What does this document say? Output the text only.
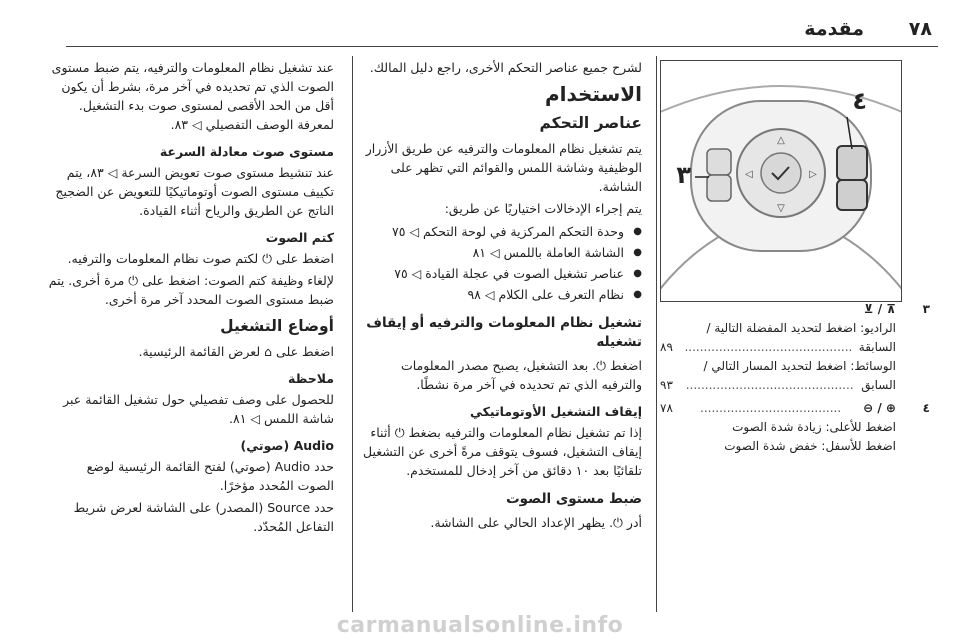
٧٨
مقدمة
△
▽
◁	▷
٤
٣
٣
⊼ / ⊻
الراديو: اضغط لتحديد المفضلة التالية /
السابقة
............................................
٨٩
الوسائط: اضغط لتحديد المسار التالي /
السابق
............................................
٩٣
٤
⊕ / ⊖
.....................................
٧٨
اضغط للأعلى: زيادة شدة الصوت
اضغط للأسفل: خفض شدة الصوت

لشرح جميع عناصر التحكم الأخرى، راجع دليل المالك.

الاستخدام
عناصر التحكم

يتم تشغيل نظام المعلومات والترفيه عن طريق الأزرار الوظيفية وشاشة اللمس والقوائم التي تظهر على الشاشة.

يتم إجراء الإدخالات اختياريًا عن طريق:

● وحدة التحكم المركزية في لوحة التحكم ◁ ٧٥
● الشاشة العاملة باللمس ◁ ٨١
● عناصر تشغيل الصوت في عجلة القيادة ◁ ٧٥
● نظام التعرف على الكلام ◁ ٩٨
تشغيل نظام المعلومات والترفيه أو إيقاف تشغيله

اضغط ⏻. بعد التشغيل، يصبح مصدر المعلومات والترفيه الذي تم تحديده في آخر مرة نشطًا.

إيقاف التشغيل الأوتوماتيكي

إذا تم تشغيل نظام المعلومات والترفيه بضغط ⏻ أثناء إيقاف التشغيل، فسوف يتوقف مرةً أخرى عن التشغيل تلقائيًا بعد ١٠ دقائق من آخر إدخال للمستخدم.

ضبط مستوى الصوت

أدر ⏻. يظهر الإعداد الحالي على الشاشة.

عند تشغيل نظام المعلومات والترفيه، يتم ضبط مستوى الصوت الذي تم تحديده في آخر مرة، بشرط أن يكون أقل من الحد الأقصى لمستوى صوت بدء التشغيل. لمعرفة الوصف التفصيلي ◁ ٨٣.

مستوى صوت معادلة السرعة

عند تنشيط مستوى صوت تعويض السرعة ◁ ٨٣، يتم تكييف مستوى الصوت أوتوماتيكيًا للتعويض عن الضجيج الناتج عن الطريق والرياح أثناء القيادة.

كتم الصوت

اضغط على ⏻ لكتم صوت نظام المعلومات والترفيه.

لإلغاء وظيفة كتم الصوت: اضغط على ⏻ مرة أخرى. يتم ضبط مستوى الصوت المحدد آخر مرة أخرى.

أوضاع التشغيل

اضغط على ⌂ لعرض القائمة الرئيسية.

ملاحظة

للحصول على وصف تفصيلي حول تشغيل القائمة عبر شاشة اللمس ◁ ٨١.

Audio (صوتي)

حدد Audio (صوتي) لفتح القائمة الرئيسية لوضع الصوت المُحدد مؤخرًا.

حدد Source (المصدر) على الشاشة لعرض شريط التفاعل المُحدّد.

carmanualsonline.info
